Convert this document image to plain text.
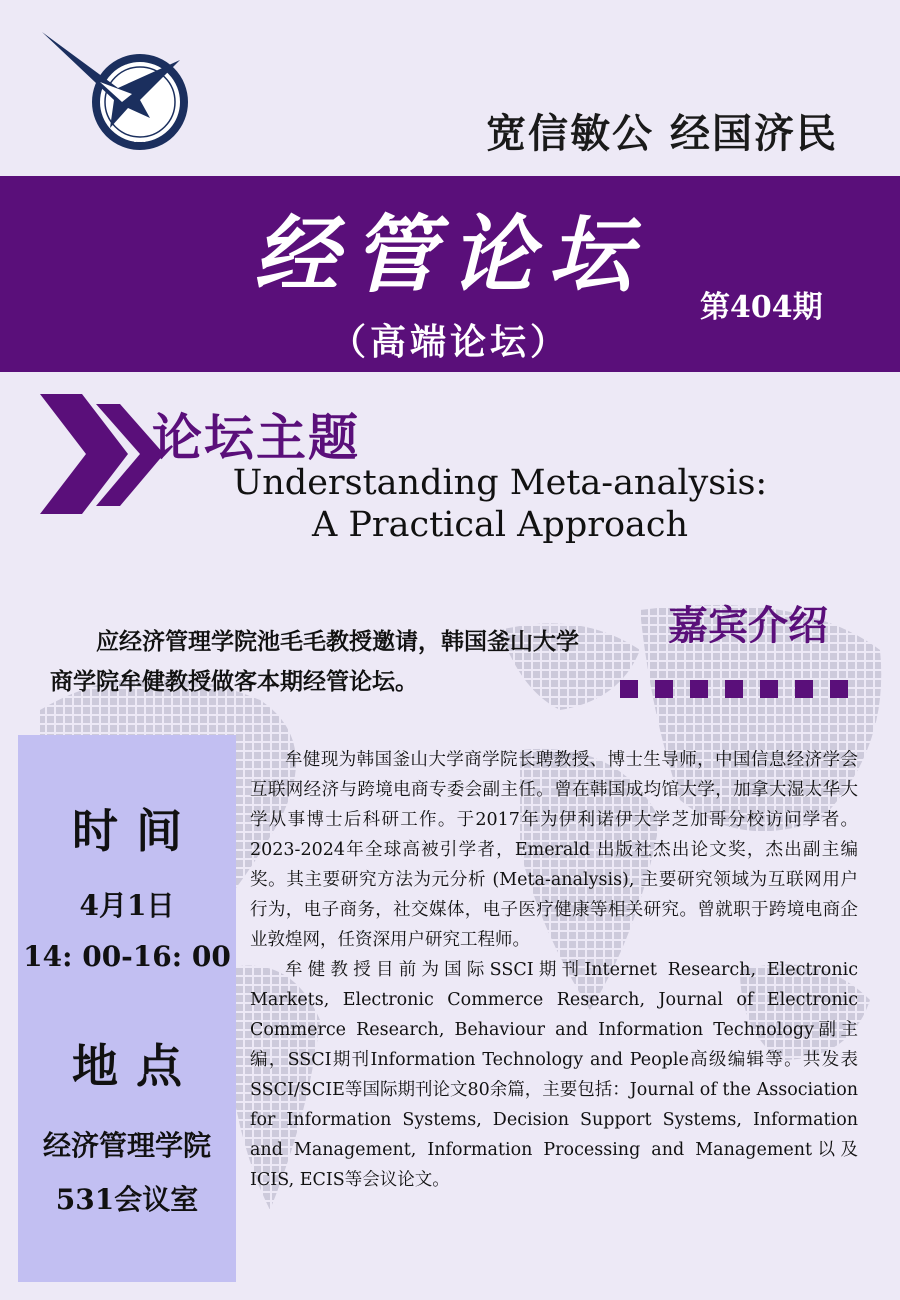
1985	宽信敏公 经国济民
经管论坛
第404期
（高端论坛）
论坛主题
Understanding Meta-analysis:
A Practical Approach
应经济管理学院池毛毛教授邀请，韩国釜山大学商学院牟健教授做客本期经管论坛。
嘉宾介绍
时间
4月1日
14: 00-16: 00
地点
经济管理学院
531会议室

牟健现为韩国釜山大学商学院长聘教授、博士生导师，中国信息经济学会互联网经济与跨境电商专委会副主任。曾在韩国成均馆大学，加拿大湿太华大学从事博士后科研工作。于2017年为伊利诺伊大学芝加哥分校访问学者。2023-2024年全球高被引学者，Emerald 出版社杰出论文奖，杰出副主编奖。其主要研究方法为元分析 (Meta-analysis), 主要研究领域为互联网用户行为，电子商务，社交媒体，电子医疗健康等相关研究。曾就职于跨境电商企业敦煌网，任资深用户研究工程师。

牟健教授目前为国际SSCI期刊Internet Research, Electronic Markets, Electronic Commerce Research, Journal of Electronic Commerce Research, Behaviour and Information Technology副主编，SSCI期刊Information Technology and People高级编辑等。共发表SSCI/SCIE等国际期刊论文80余篇，主要包括：Journal of the Association for Information Systems, Decision Support Systems, Information and Management, Information Processing and Management以及ICIS, ECIS等会议论文。
